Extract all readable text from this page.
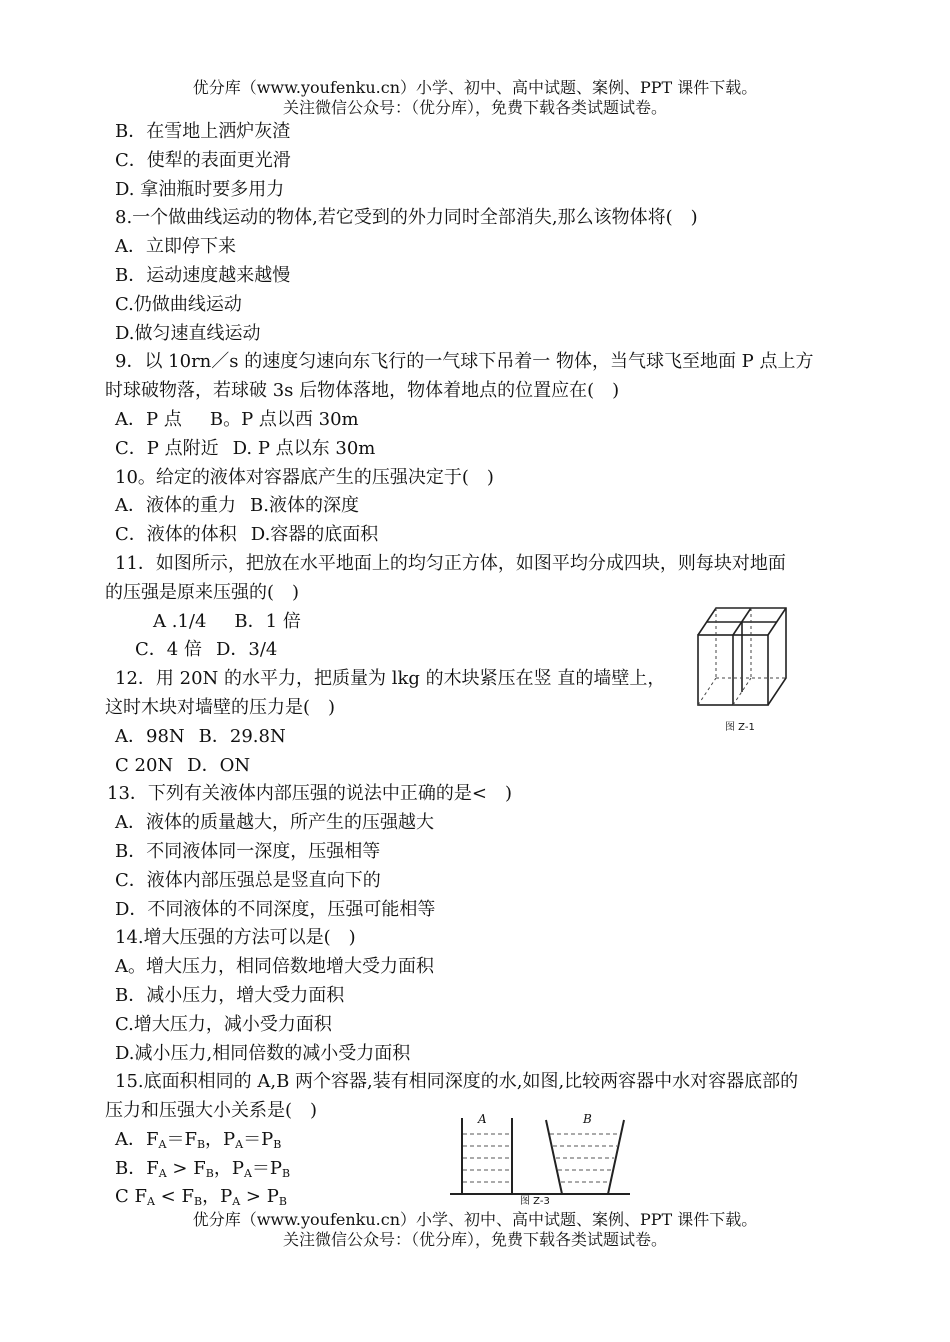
优分库（www.youfenku.cn）小学、初中、高中试题、案例、PPT 课件下载。
关注微信公众号：（优分库），免费下载各类试题试卷。
B．在雪地上洒炉灰渣
C．使犁的表面更光滑
D. 拿油瓶时要多用力
8.一个做曲线运动的物体,若它受到的外力同时全部消失,那么该物体将(　)
A．立即停下来
B．运动速度越来越慢
C.仍做曲线运动
D.做匀速直线运动
9．以 10rn／s 的速度匀速向东飞行的一气球下吊着一 物体，当气球飞至地面 P 点上方
时球破物落，若球破 3s 后物体落地，物体着地点的位置应在(　)
A．P 点 B。P 点以西 30m
C．P 点附近 D. P 点以东 30m
10。给定的液体对容器底产生的压强决定于(　)
A．液体的重力 B.液体的深度
C．液体的体积 D.容器的底面积
11．如图所示，把放在水平地面上的均匀正方体，如图平均分成四块，则每块对地面
的压强是原来压强的(　)
A .1/4 B．1 倍
C．4 倍 D．3/4
12．用 20N 的水平力，把质量为 lkg 的木块紧压在竖 直的墙壁上，
这时木块对墙壁的压力是(　)
A．98N B．29.8N
C 20N D．ON
13．下列有关液体内部压强的说法中正确的是<　)
A．液体的质量越大，所产生的压强越大
B．不同液体同一深度，压强相等
C．液体内部压强总是竖直向下的
D．不同液体的不同深度，压强可能相等
14.增大压强的方法可以是(　)
A。增大压力，相同倍数地增大受力面积
B．减小压力，增大受力面积
C.增大压力，减小受力面积
D.减小压力,相同倍数的减小受力面积
15.底面积相同的 A,B 两个容器,装有相同深度的水,如图,比较两容器中水对容器底部的
压力和压强大小关系是(　)
A．$F_A=F_B$，$P_A=P_B$
B．$F_A > F_B$，$P_A=P_B$
C $F_A < F_B$，$P_A > P_B$
图 Z-1
A	B
图 Z-3
优分库（www.youfenku.cn）小学、初中、高中试题、案例、PPT 课件下载。
关注微信公众号：（优分库），免费下载各类试题试卷。
